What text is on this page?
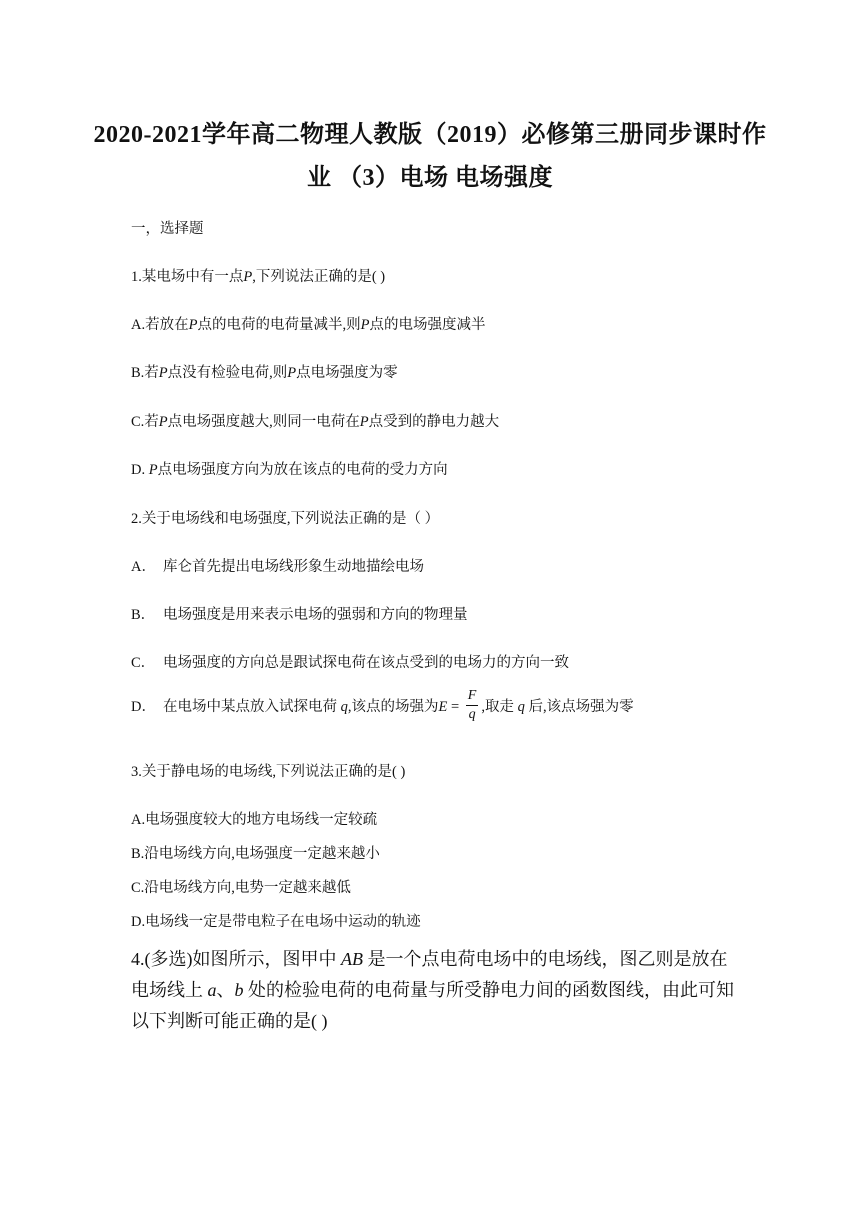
2020-2021学年高二物理人教版（2019）必修第三册同步课时作
业 （3）电场 电场强度
一，选择题
1.某电场中有一点P,下列说法正确的是( )
A.若放在P点的电荷的电荷量减半,则P点的电场强度减半
B.若P点没有检验电荷,则P点电场强度为零
C.若P点电场强度越大,则同一电荷在P点受到的静电力越大
D. P点电场强度方向为放在该点的电荷的受力方向
2.关于电场线和电场强度,下列说法正确的是（ ）
A． 库仑首先提出电场线形象生动地描绘电场
B． 电场强度是用来表示电场的强弱和方向的物理量
C． 电场强度的方向总是跟试探电荷在该点受到的电场力的方向一致
D． 在电场中某点放入试探电荷 q,该点的场强为$E = \frac{F}{q}$ ,取走 q 后,该点场强为零
3.关于静电场的电场线,下列说法正确的是( )
A.电场强度较大的地方电场线一定较疏
B.沿电场线方向,电场强度一定越来越小
C.沿电场线方向,电势一定越来越低
D.电场线一定是带电粒子在电场中运动的轨迹
4.(多选)如图所示，图甲中 AB 是一个点电荷电场中的电场线，图乙则是放在电场线上 a、b 处的检验电荷的电荷量与所受静电力间的函数图线，由此可知以下判断可能正确的是( )
